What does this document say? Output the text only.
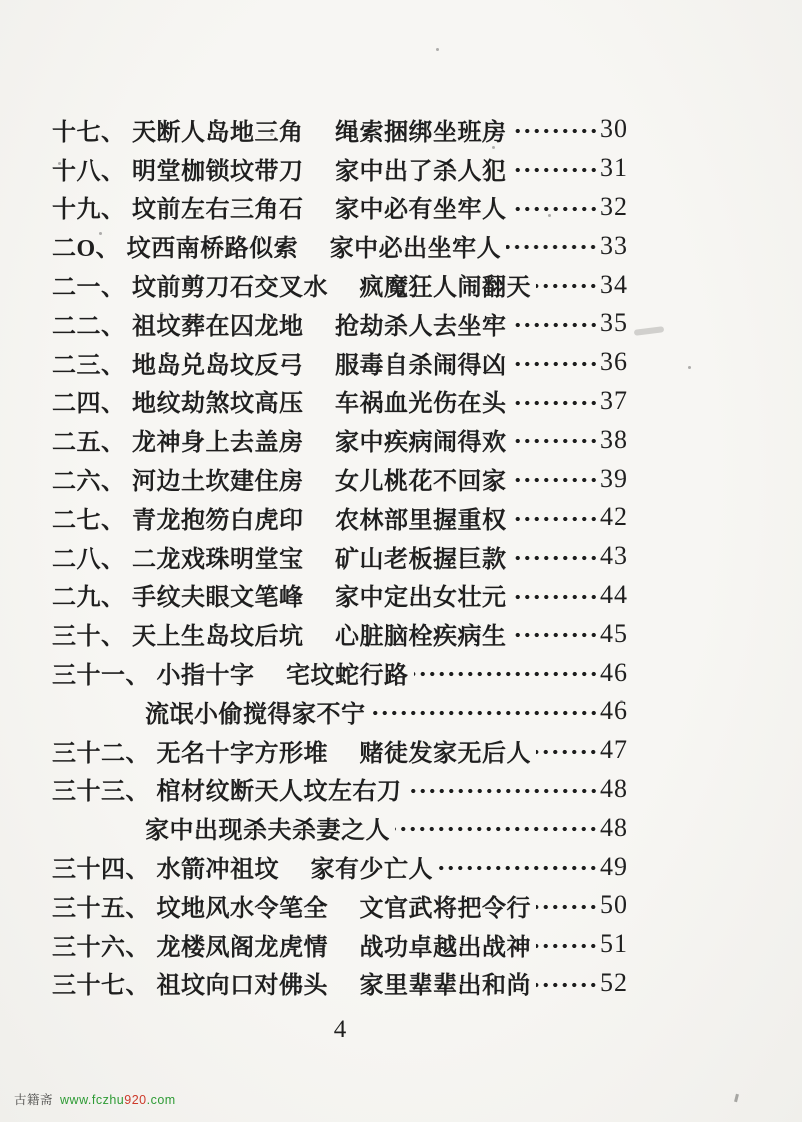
十七、 天断人岛地三角 绳索捆绑坐班房	30
十八、 明堂枷锁坟带刀 家中出了杀人犯	31
十九、 坟前左右三角石 家中必有坐牢人	32
二O、 坟西南桥路似索 家中必出坐牢人	33
二一、 坟前剪刀石交叉水 疯魔狂人闹翻天	34
二二、 祖坟葬在囚龙地 抢劫杀人去坐牢	35
二三、 地岛兑岛坟反弓 服毒自杀闹得凶	36
二四、 地纹劫煞坟高压 车祸血光伤在头	37
二五、 龙神身上去盖房 家中疾病闹得欢	38
二六、 河边土坎建住房 女儿桃花不回家	39
二七、 青龙抱笏白虎印 农林部里握重权	42
二八、 二龙戏珠明堂宝 矿山老板握巨款	43
二九、 手纹夫眼文笔峰 家中定出女壮元	44
三十、 天上生岛坟后坑 心脏脑栓疾病生	45
三十一、 小指十字 宅坟蛇行路	46
流氓小偷搅得家不宁	46
三十二、 无名十字方形堆 赌徒发家无后人	47
三十三、 棺材纹断天人坟左右刀	48
家中出现杀夫杀妻之人	48
三十四、 水箭冲祖坟 家有少亡人	49
三十五、 坟地风水令笔全 文官武将把令行	50
三十六、 龙楼凤阁龙虎情 战功卓越出战神	51
三十七、 祖坟向口对佛头 家里辈辈出和尚	52
4
古籍斋 www.fczhu920.com
